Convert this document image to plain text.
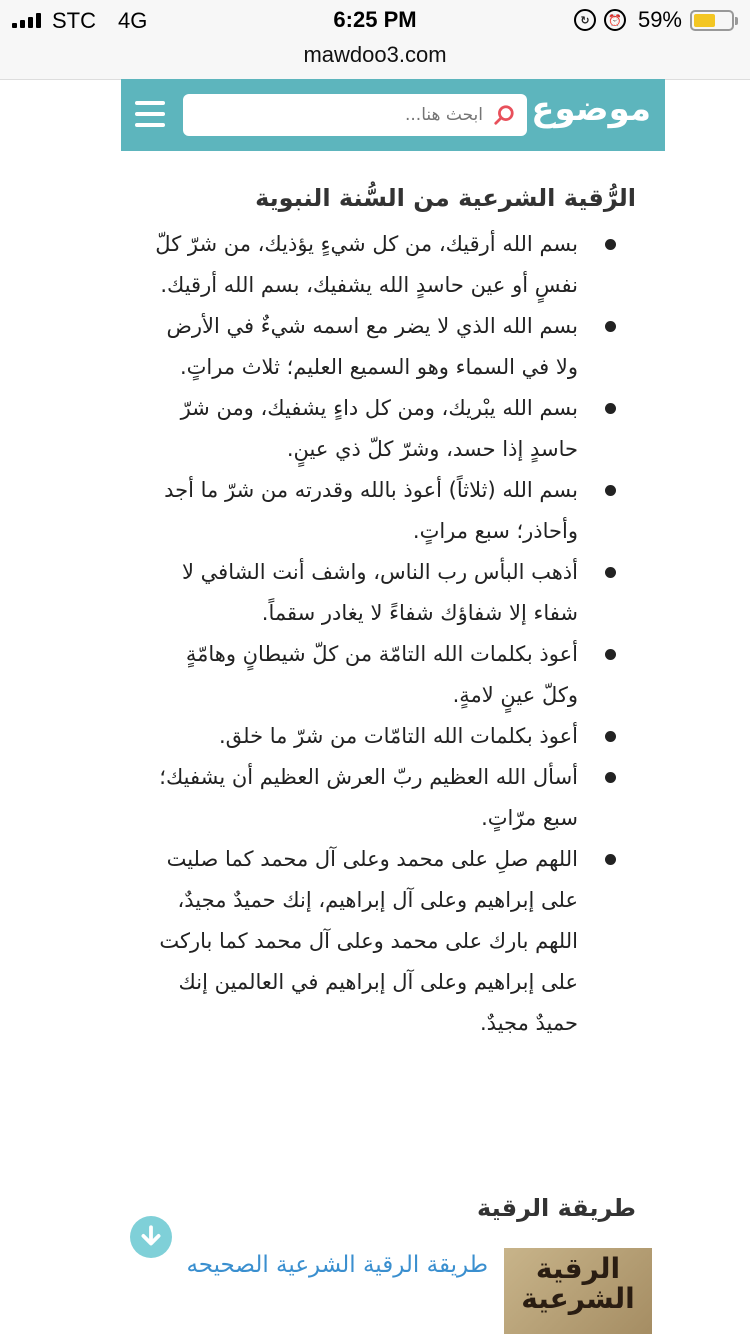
STC 4G	6:25 PM	↻	⏰ 59%
mawdoo3.com
ابحث هنا...
موضوع
الرُّقية الشرعية من السُّنة النبوية
بسم الله أرقيك، من كل شيءٍ يؤذيك، من شرّ كلّ نفسٍ أو عين حاسدٍ الله يشفيك، بسم الله أرقيك.
بسم الله الذي لا يضر مع اسمه شيءٌ في الأرض ولا في السماء وهو السميع العليم؛ ثلاث مراتٍ.
بسم الله يبْريك، ومن كل داءٍ يشفيك، ومن شرّ حاسدٍ إذا حسد، وشرّ كلّ ذي عينٍ.
بسم الله (ثلاثاً) أعوذ بالله وقدرته من شرّ ما أجد وأحاذر؛ سبع مراتٍ.
أذهب البأس رب الناس، واشف أنت الشافي لا شفاء إلا شفاؤك شفاءً لا يغادر سقماً.
أعوذ بكلمات الله التامّة من كلّ شيطانٍ وهامّةٍ وكلّ عينٍ لامةٍ.
أعوذ بكلمات الله التامّات من شرّ ما خلق.
أسأل الله العظيم ربّ العرش العظيم أن يشفيك؛ سبع مرّاتٍ.
اللهم صلِ على محمد وعلى آل محمد كما صليت على إبراهيم وعلى آل إبراهيم، إنك حميدٌ مجيدٌ، اللهم بارك على محمد وعلى آل محمد كما باركت على إبراهيم وعلى آل إبراهيم في العالمين إنك حميدٌ مجيدٌ.
طريقة الرقية
الرقية الشرعية
طريقة الرقية الشرعية الصحيحه
